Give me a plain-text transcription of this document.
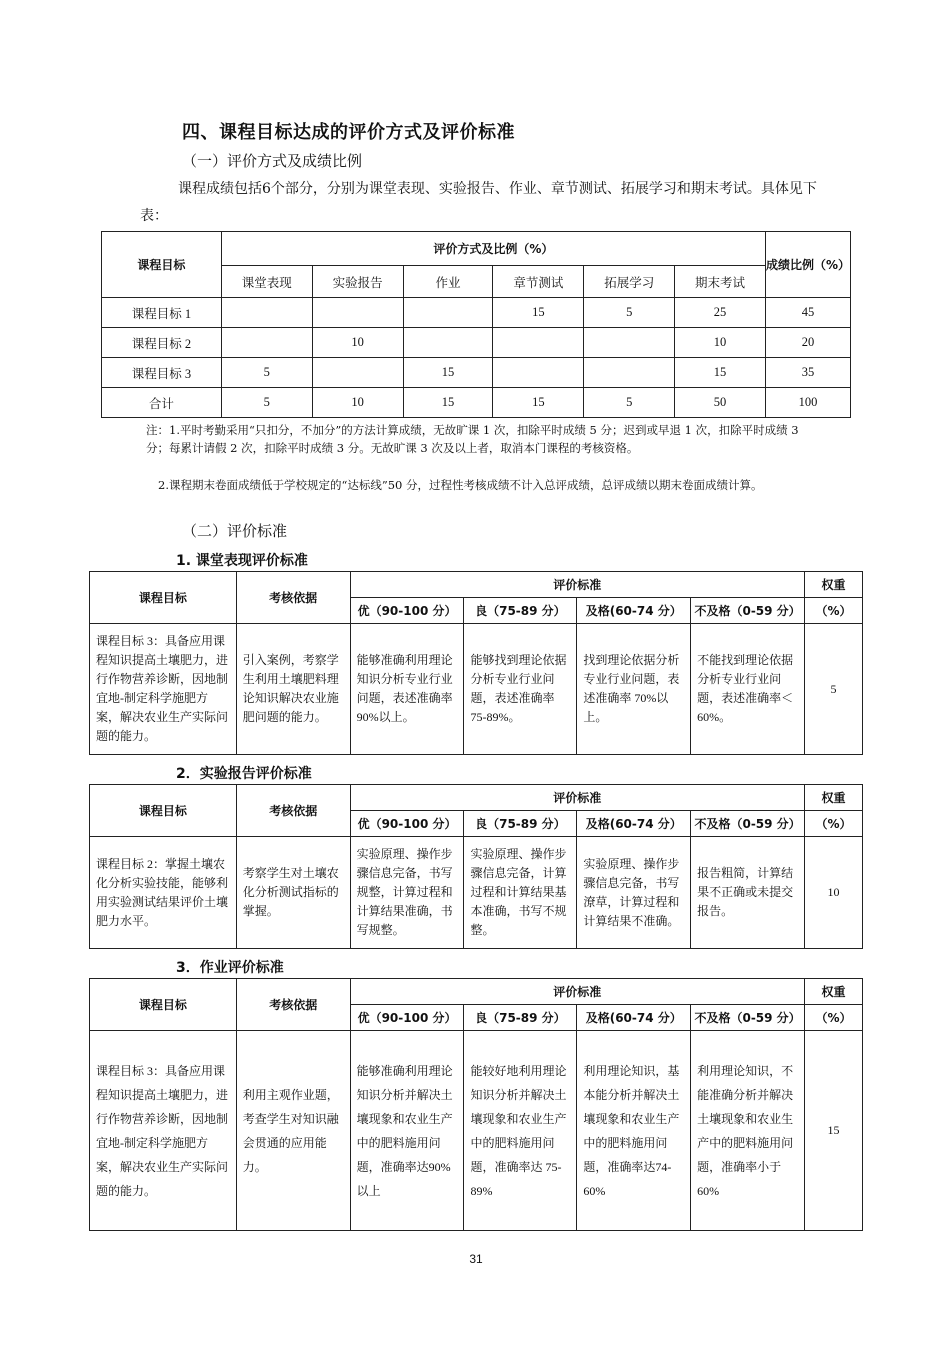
四、课程目标达成的评价方式及评价标准

（一）评价方式及成绩比例

课程成绩包括6个部分，分别为课堂表现、实验报告、作业、章节测试、拓展学习和期末考试。具体见下表：

课程目标	评价方式及比例（%）						成绩比例（%）
	课堂表现	实验报告	作业	章节测试	拓展学习	期末考试	
课程目标 1				15	5	25	45
课程目标 2		10				10	20
课程目标 3	5		15			15	35
合计	5	10	15	15	5	50	100

注：1.平时考勤采用“只扣分，不加分”的方法计算成绩，无故旷课 1 次，扣除平时成绩 5 分；迟到或早退 1 次，扣除平时成绩 3 分；每累计请假 2 次，扣除平时成绩 3 分。无故旷课 3 次及以上者，取消本门课程的考核资格。

2.课程期末卷面成绩低于学校规定的“达标线”50 分，过程性考核成绩不计入总评成绩，总评成绩以期末卷面成绩计算。

（二）评价标准

1. 课堂表现评价标准

课程目标	考核依据	评价标准				权重
		优（90-100 分）	良（75-89 分）	及格(60-74 分）	不及格（0-59 分）	（%）
课程目标 3：具备应用课程知识提高土壤肥力，进行作物营养诊断，因地制宜地-制定科学施肥方案，解决农业生产实际问题的能力。	引入案例，考察学生利用土壤肥料理论知识解决农业施肥问题的能力。	能够准确利用理论知识分析专业行业问题，表述准确率90%以上。	能够找到理论依据分析专业行业问题，表述准确率 75-89%。	找到理论依据分析专业行业问题，表述准确率 70%以上。	不能找到理论依据分析专业行业问题，表述准确率＜60%。	5

2．实验报告评价标准

课程目标	考核依据	评价标准				权重
		优（90-100 分）	良（75-89 分）	及格(60-74 分）	不及格（0-59 分）	（%）
课程目标 2：掌握土壤农化分析实验技能，能够利用实验测试结果评价土壤肥力水平。	考察学生对土壤农化分析测试指标的掌握。	实验原理、操作步骤信息完备，书写规整，计算过程和计算结果准确，书写规整。	实验原理、操作步骤信息完备，计算过程和计算结果基本准确，书写不规整。	实验原理、操作步骤信息完备，书写潦草，计算过程和计算结果不准确。	报告粗简，计算结果不正确或未提交报告。	10

3．作业评价标准

课程目标	考核依据	评价标准				权重
		优（90-100 分）	良（75-89 分）	及格(60-74 分）	不及格（0-59 分）	（%）
课程目标 3：具备应用课程知识提高土壤肥力，进行作物营养诊断，因地制宜地-制定科学施肥方案，解决农业生产实际问题的能力。	利用主观作业题，考查学生对知识融会贯通的应用能力。	能够准确利用理论知识分析并解决土壤现象和农业生产中的肥料施用问题，准确率达90%以上	能较好地利用理论知识分析并解决土壤现象和农业生产中的肥料施用问题，准确率达 75-89%	利用理论知识，基本能分析并解决土壤现象和农业生产中的肥料施用问题，准确率达74-60%	利用理论知识，不能准确分析并解决土壤现象和农业生产中的肥料施用问题，准确率小于 60%	15
31
